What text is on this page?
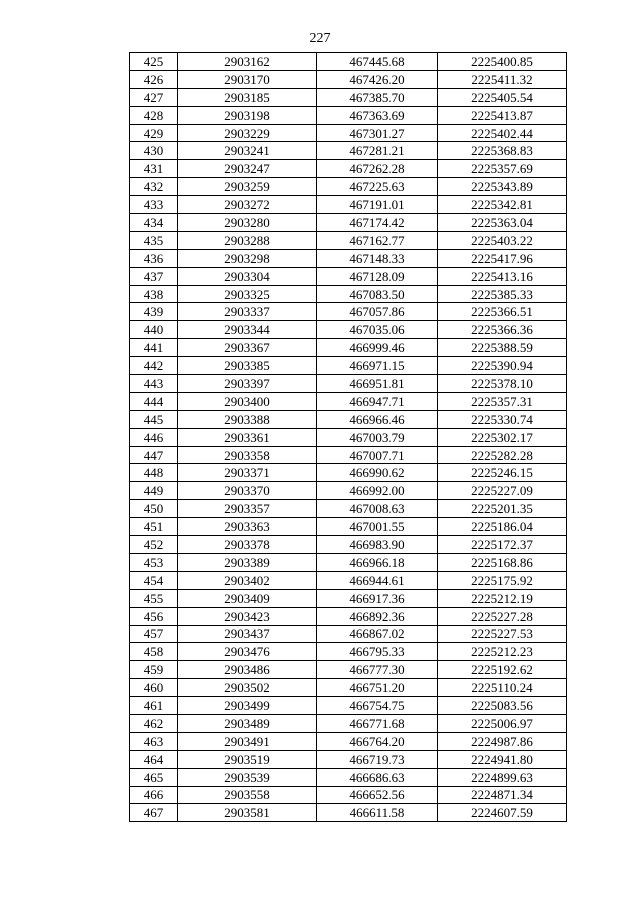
227
425	2903162	467445.68	2225400.85
426	2903170	467426.20	2225411.32
427	2903185	467385.70	2225405.54
428	2903198	467363.69	2225413.87
429	2903229	467301.27	2225402.44
430	2903241	467281.21	2225368.83
431	2903247	467262.28	2225357.69
432	2903259	467225.63	2225343.89
433	2903272	467191.01	2225342.81
434	2903280	467174.42	2225363.04
435	2903288	467162.77	2225403.22
436	2903298	467148.33	2225417.96
437	2903304	467128.09	2225413.16
438	2903325	467083.50	2225385.33
439	2903337	467057.86	2225366.51
440	2903344	467035.06	2225366.36
441	2903367	466999.46	2225388.59
442	2903385	466971.15	2225390.94
443	2903397	466951.81	2225378.10
444	2903400	466947.71	2225357.31
445	2903388	466966.46	2225330.74
446	2903361	467003.79	2225302.17
447	2903358	467007.71	2225282.28
448	2903371	466990.62	2225246.15
449	2903370	466992.00	2225227.09
450	2903357	467008.63	2225201.35
451	2903363	467001.55	2225186.04
452	2903378	466983.90	2225172.37
453	2903389	466966.18	2225168.86
454	2903402	466944.61	2225175.92
455	2903409	466917.36	2225212.19
456	2903423	466892.36	2225227.28
457	2903437	466867.02	2225227.53
458	2903476	466795.33	2225212.23
459	2903486	466777.30	2225192.62
460	2903502	466751.20	2225110.24
461	2903499	466754.75	2225083.56
462	2903489	466771.68	2225006.97
463	2903491	466764.20	2224987.86
464	2903519	466719.73	2224941.80
465	2903539	466686.63	2224899.63
466	2903558	466652.56	2224871.34
467	2903581	466611.58	2224607.59
